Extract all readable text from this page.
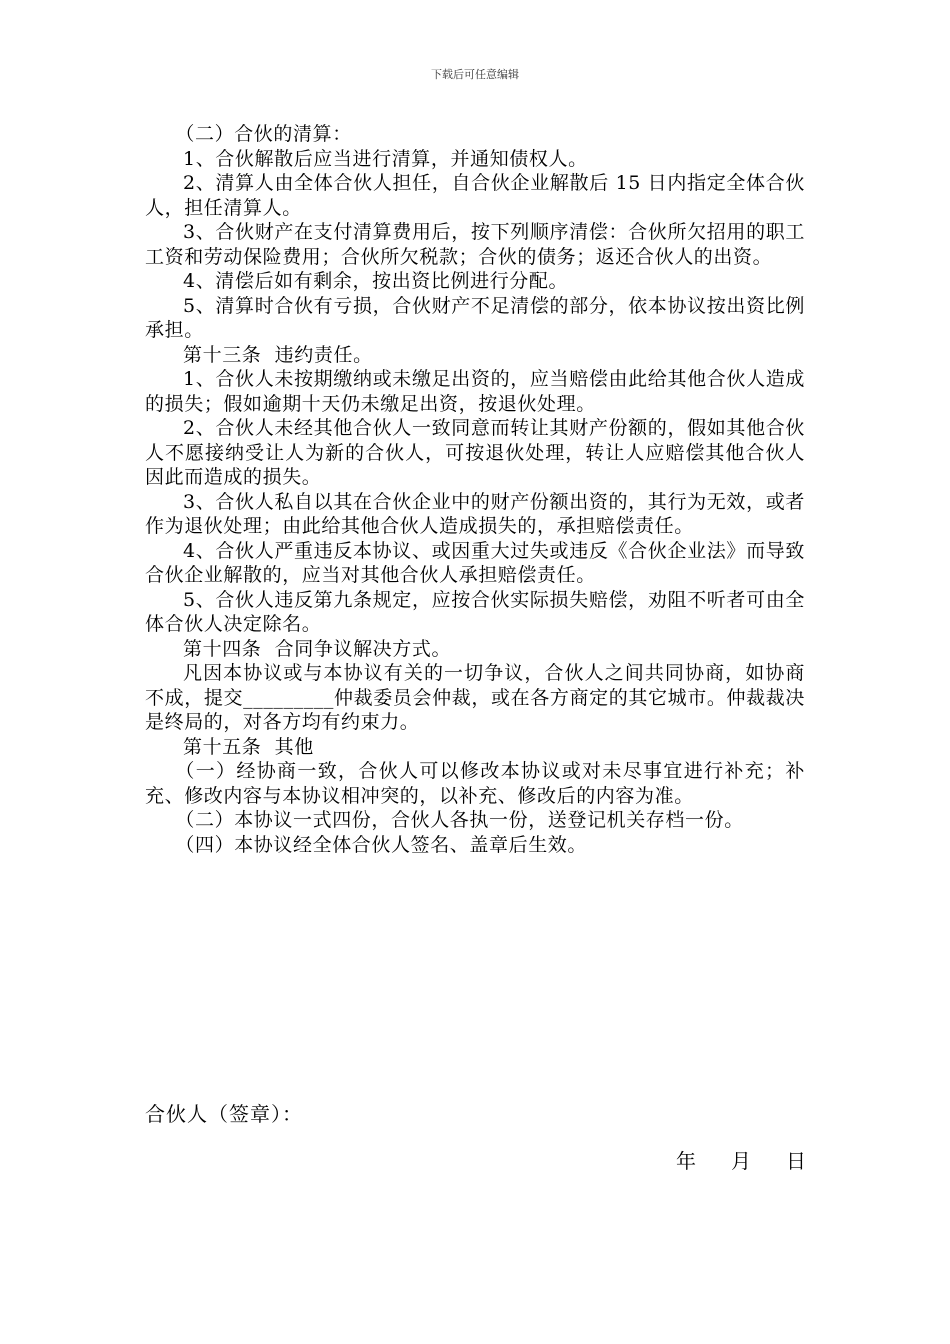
下载后可任意编辑

（二）合伙的清算：

1、合伙解散后应当进行清算，并通知债权人。

2、清算人由全体合伙人担任，自合伙企业解散后 15 日内指定全体合伙人，担任清算人。

3、合伙财产在支付清算费用后，按下列顺序清偿：合伙所欠招用的职工工资和劳动保险费用；合伙所欠税款；合伙的债务；返还合伙人的出资。

4、清偿后如有剩余，按出资比例进行分配。

5、清算时合伙有亏损，合伙财产不足清偿的部分，依本协议按出资比例承担。

第十三条  违约责任。

1、合伙人未按期缴纳或未缴足出资的，应当赔偿由此给其他合伙人造成的损失；假如逾期十天仍未缴足出资，按退伙处理。

2、合伙人未经其他合伙人一致同意而转让其财产份额的，假如其他合伙人不愿接纳受让人为新的合伙人，可按退伙处理，转让人应赔偿其他合伙人因此而造成的损失。

3、合伙人私自以其在合伙企业中的财产份额出资的，其行为无效，或者作为退伙处理；由此给其他合伙人造成损失的，承担赔偿责任。

4、合伙人严重违反本协议、或因重大过失或违反《合伙企业法》而导致合伙企业解散的，应当对其他合伙人承担赔偿责任。

5、合伙人违反第九条规定，应按合伙实际损失赔偿，劝阻不听者可由全体合伙人决定除名。

第十四条  合同争议解决方式。

凡因本协议或与本协议有关的一切争议，合伙人之间共同协商，如协商不成，提交_________仲裁委员会仲裁，或在各方商定的其它城市。仲裁裁决是终局的，对各方均有约束力。

第十五条  其他

（一）经协商一致，合伙人可以修改本协议或对未尽事宜进行补充；补充、修改内容与本协议相冲突的，以补充、修改后的内容为准。

（二）本协议一式四份，合伙人各执一份，送登记机关存档一份。

（四）本协议经全体合伙人签名、盖章后生效。

合伙人（签章）：
年 月 日
